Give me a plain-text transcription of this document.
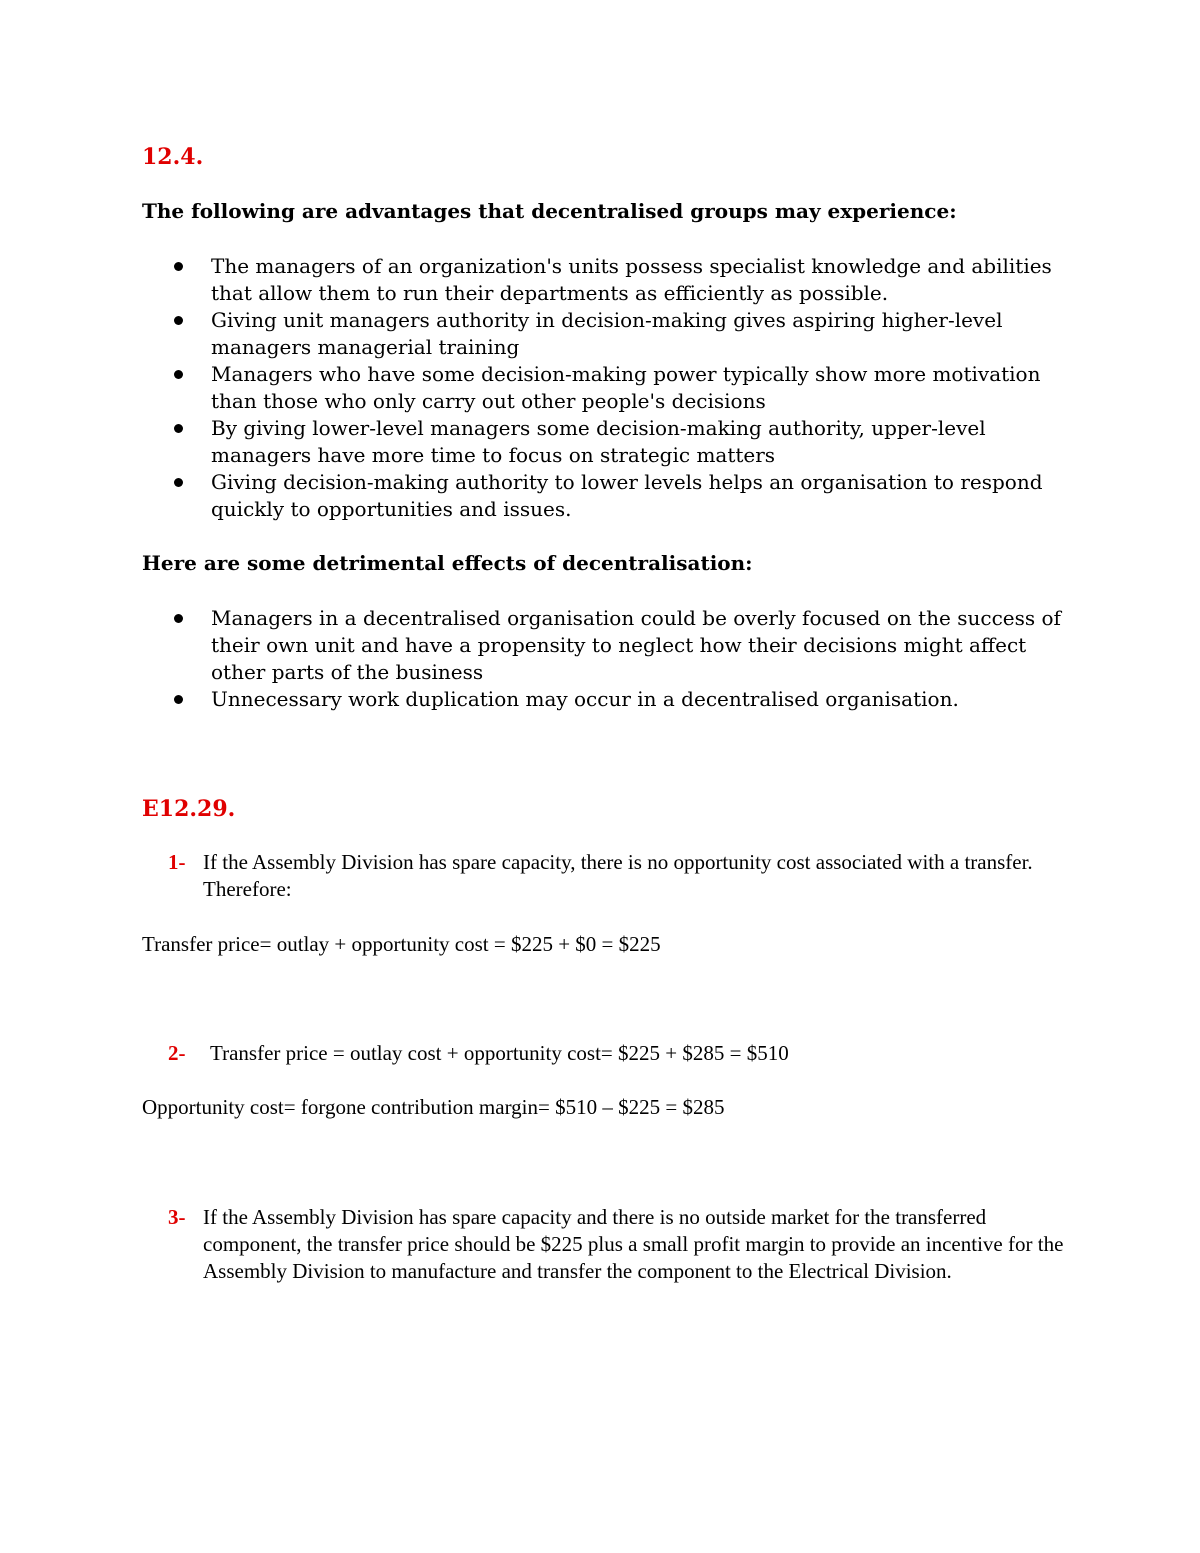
12.4.
The following are advantages that decentralised groups may experience:
The managers of an organization's units possess specialist knowledge and abilities that allow them to run their departments as efficiently as possible.
Giving unit managers authority in decision-making gives aspiring higher-level managers managerial training
Managers who have some decision-making power typically show more motivation than those who only carry out other people's decisions
By giving lower-level managers some decision-making authority, upper-level managers have more time to focus on strategic matters
Giving decision-making authority to lower levels helps an organisation to respond quickly to opportunities and issues.
Here are some detrimental effects of decentralisation:
Managers in a decentralised organisation could be overly focused on the success of their own unit and have a propensity to neglect how their decisions might affect other parts of the business
Unnecessary work duplication may occur in a decentralised organisation.
E12.29.
1- If the Assembly Division has spare capacity, there is no opportunity cost associated with a transfer. Therefore:
Transfer price= outlay + opportunity cost = $225 + $0 = $225
2-	Transfer price = outlay cost + opportunity cost= $225 + $285 = $510
Opportunity cost= forgone contribution margin= $510 – $225 = $285
3- If the Assembly Division has spare capacity and there is no outside market for the transferred component, the transfer price should be $225 plus a small profit margin to provide an incentive for the Assembly Division to manufacture and transfer the component to the Electrical Division.
